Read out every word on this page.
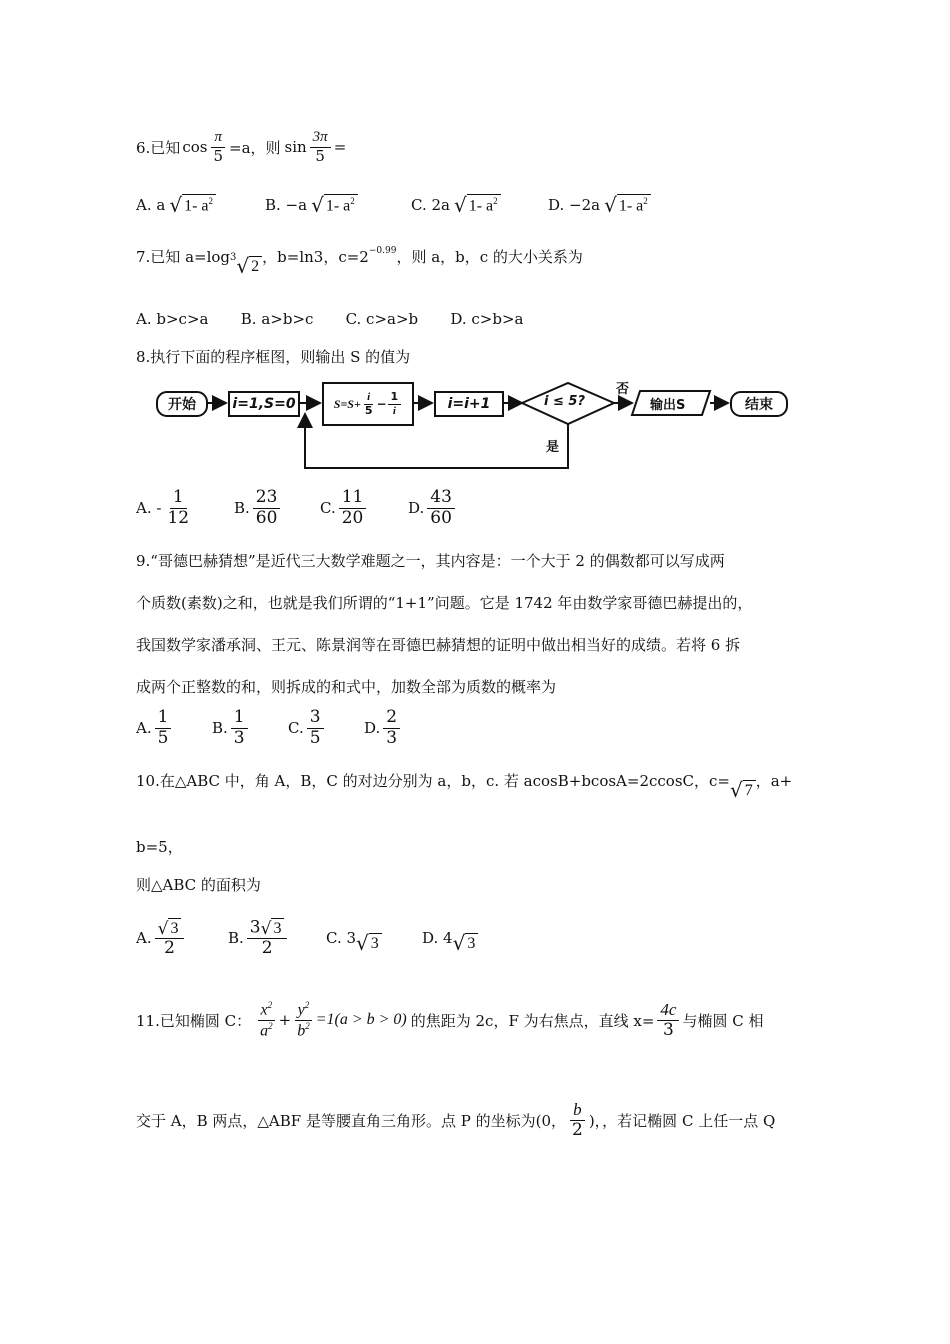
6.已知 $\cos \frac{\pi}{5} =a$，则 $\sin \frac{3\pi}{5}$ =
A. a √ 1- $a^2$	B. −a √ 1- $a^2$	C. 2a √ 1- $a^2$	D. −2a √ 1- $a^2$
7.已知 a=log 3 √ 2
，b=ln3，$c=2^{-0.99}$ ，则 a，b，c 的大小关系为
A. b>c>a B. a>b>c C. c>a>b D. c>b>a
8.执行下面的程序框图，则输出 S 的值为
开始	i=1,S=0	$S=S+ \frac{i}{5} - \frac{1}{i}$	i=i+1	i ≤ 5?
否
是
输出S	结束
A. - $\frac{1}{12}$	B. $\frac{23}{60}$	C. $\frac{11}{20}$	D. $\frac{43}{60}$
9.“哥德巴赫猜想”是近代三大数学难题之一，其内容是：一个大于 2 的偶数都可以写成两
个质数(素数)之和，也就是我们所谓的“1+1”问题。它是 1742 年由数学家哥德巴赫提出的，
我国数学家潘承洞、王元、陈景润等在哥德巴赫猜想的证明中做出相当好的成绩。若将 6 拆
成两个正整数的和，则拆成的和式中，加数全部为质数的概率为
A. $\frac{1}{5}$	B. $\frac{1}{3}$	C. $\frac{3}{5}$	D. $\frac{2}{3}$
10.在△ABC 中，角 A，B，C 的对边分别为 a，b，c. 若 acosB+bcosA=2ccosC，c= √ 7
，a+
b=5，
则△ABC 的面积为
A. $\frac{√ 3}{2}$	B. $\frac{3 √ 3}{2}$	C. 3 √ 3	D. 4 √ 3
11.已知椭圆 C： $\frac{x^2}{a^2} + \frac{y^2}{b^2} =1(a > b > 0)$ 的焦距为 2c，F 为右焦点，直线 $x= \frac{4c}{3}$ 与椭圆 C 相
交于 A，B 两点，△ABF 是等腰直角三角形。点 P 的坐标为(0， $\frac{b}{2}$ )，，若记椭圆 C 上任一点 Q
